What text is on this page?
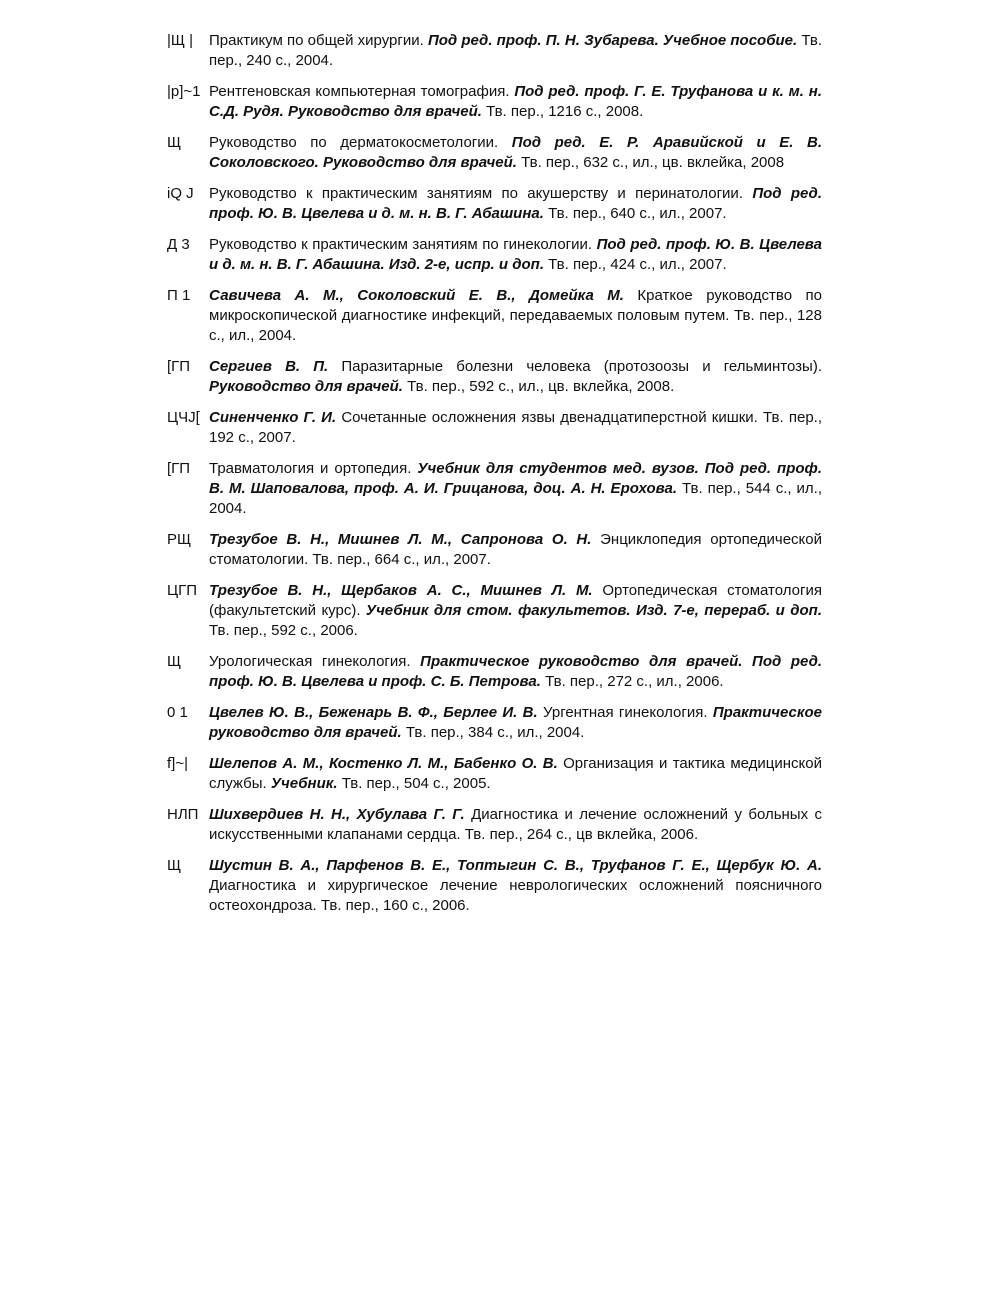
|Щ |	Практикум по общей хирургии. Под ред. проф. П. Н. Зубарева. Учебное пособие. Тв. пер., 240 с., 2004.
|р]~1 Рентгеновская компьютерная томография. Под ред. проф. Г. Е. Труфанова и к. м. н. С.Д. Рудя. Руководство для врачей. Тв. пер., 1216 с., 2008.
Щ	Руководство по дерматокосметологии. Под ред. Е. Р. Аравийской и Е. В. Соколовского. Руководство для врачей. Тв. пер., 632 с., ил., цв. вклейка, 2008
iQ J	Руководство к практическим занятиям по акушерству и перинатологии. Под ред. проф. Ю. В. Цвелева и д. м. н. В. Г. Абашина. Тв. пер., 640 с., ил., 2007.
Д 3	Руководство к практическим занятиям по гинекологии. Под ред. проф. Ю. В. Цвелева и д. м. н. В. Г. Абашина. Изд. 2-е, испр. и доп. Тв. пер., 424 с., ил., 2007.
П 1	Савичева А. М., Соколовский Е. В., Домейка М. Краткое руководство по микроскопической диагностике инфекций, передаваемых половым путем. Тв. пер., 128 с., ил., 2004.
[ГП	Сергиев В. П. Паразитарные болезни человека (протозоозы и гельминтозы). Руководство для врачей. Тв. пер., 592 с., ил., цв. вклейка, 2008.
ЦЧЈ[ Синенченко Г. И. Сочетанные осложнения язвы двенадцатиперстной кишки. Тв. пер., 192 с., 2007.
[ГП	Травматология и ортопедия. Учебник для студентов мед. вузов. Под ред. проф. В. М. Шаповалова, проф. А. И. Грицанова, доц. А. Н. Ерохова. Тв. пер., 544 с., ил., 2004.
РЩ	Трезубое В. Н., Мишнев Л. М., Сапронова О. Н. Энциклопедия ортопедической стоматологии. Тв. пер., 664 с., ил., 2007.
ЦГП Трезубое В. Н., Щербаков А. С., Мишнев Л. М. Ортопедическая стоматология (факультетский курс). Учебник для стом. факультетов. Изд. 7-е, перераб. и доп. Тв. пер., 592 с., 2006.
Щ	Урологическая гинекология. Практическое руководство для врачей. Под ред. проф. Ю. В. Цвелева и проф. С. Б. Петрова. Тв. пер., 272 с., ил., 2006.
0 1	Цвелев Ю. В., Беженарь В. Ф., Берлее И. В. Ургентная гинекология. Практическое руководство для врачей. Тв. пер., 384 с., ил., 2004.
f]~|	Шелепов А. М., Костенко Л. М., Бабенко О. В. Организация и тактика медицинской службы. Учебник. Тв. пер., 504 с., 2005.
НЛП Шихвердиев Н. Н., Хубулава Г. Г. Диагностика и лечение осложнений у больных с искусственными клапанами сердца. Тв. пер., 264 с., цв вклейка, 2006.
Щ	Шустин В. А., Парфенов В. Е., Топтыгин С. В., Труфанов Г. Е., Щербук Ю. А. Диагностика и хирургическое лечение неврологических осложнений поясничного остеохондроза. Тв. пер., 160 с., 2006.
